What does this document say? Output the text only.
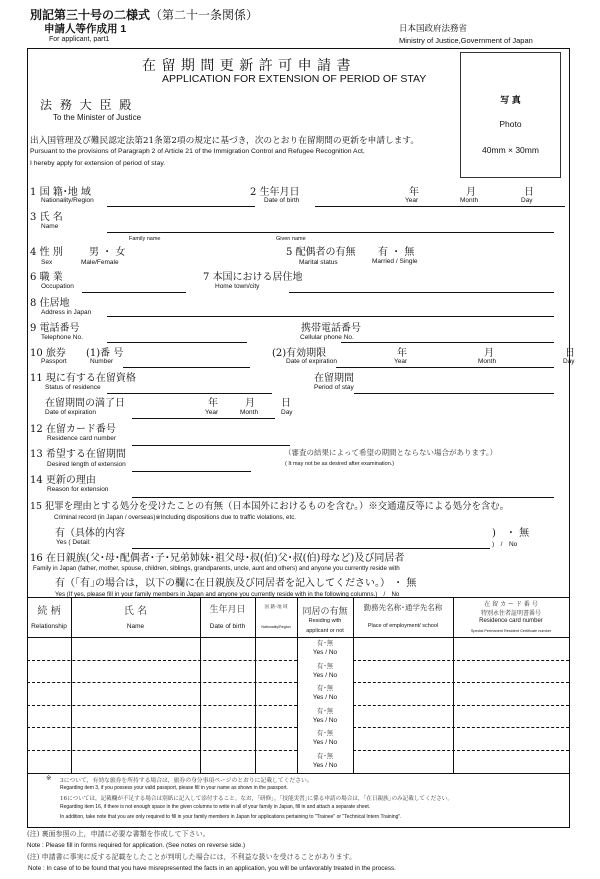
別記第三十号の二様式（第二十一条関係）
申請人等作成用 1
For applicant, part1
日本国政府法務省
Ministry of Justice,Government of Japan
在 留 期 間 更 新 許 可 申 請 書
APPLICATION FOR EXTENSION OF PERIOD OF STAY
法 務 大 臣 殿
To the Minister of Justice
出入国管理及び難民認定法第21条第2項の規定に基づき，次のとおり在留期間の更新を申請します。
Pursuant to the provisions of Paragraph 2 of Article 21 of the Immigration Control and Refugee Recognition Act,
I hereby apply for extension of period of stay.
写 真
Photo
40mm × 30mm
1 国 籍･地 域
Nationality/Region
2 生年月日
Date of birth
年
Year
月
Month
日
Day
3 氏 名
Name
Family name	Given name
4 性 別
Sex
男 ・ 女
Male/Female
5 配偶者の有無
Marital status
有 ・ 無
Married / Single
6 職 業
Occupation
7 本国における居住地
Home town/city
8 住居地
Address in Japan
9 電話番号
Telephone No.
携帯電話番号
Cellular phone No.
10 旅券
Passport
(1)番 号
Number
(2)有効期限
Date of expiration
年
Year
月
Month
日
Day
11 現に有する在留資格
Status of residence
在留期間
Period of stay
在留期間の満了日
Date of expiration
年
Year
月
Month
日
Day
12 在留カード番号
Residence card number
13 希望する在留期間
Desired length of extension
（審査の結果によって希望の期間とならない場合があります。）
( It may not be as desired after examination.)
14 更新の理由
Reason for extension
15 犯罪を理由とする処分を受けたことの有無（日本国外におけるものを含む。）※交通違反等による処分を含む。
Criminal record (in Japan / overseas)※Including dispositions due to traffic violations, etc.
有（具体的内容
Yes ( Detail:
)　・ 無
)　/　No
16 在日親族(父･母･配偶者･子･兄弟姉妹･祖父母･叔(伯)父･叔(伯)母など)及び同居者
Family in Japan (father, mother, spouse, children, siblings, grandparents, uncle, aunt and others) and anyone you currently reside with
有（｢有｣の場合は，以下の欄に在日親族及び同居者を記入してください。） ・ 無
Yes (If yes, please fill in your family members in Japan and anyone you currently reside with in the following columns.)　/　No
続 柄
Relationship
氏 名
Name
生年月日
Date of birth
国 籍･地 域
Nationality/Region
同居の有無
Residing with
applicant or not
勤務先名称･通学先名称
Place of employment/ school
在 留 カ ー ド 番 号
特別永住者証明書番号
Residence card number
Special Permanent Resident Certificate number
有･無
Yes / No
有･無
Yes / No
有･無
Yes / No
有･無
Yes / No
有･無
Yes / No
有･無
Yes / No
※ 3について，有効な旅券を所持する場合は，旅券の身分事項ページのとおりに記載してください。
Regarding item 3, if you possess your valid passport, please fill in your name as shown in the passport.
16については，記載欄が不足する場合は別紙に記入して添付すること。なお，｢研修｣，｢技能実習｣に係る申請の場合は，｢在日親族｣のみ記載してください。
Regarding item 16, if there is not enough space in the given columns to write in all of your family in Japan, fill in and attach a separate sheet.
In addition, take note that you are only required to fill in your family members in Japan for applications pertaining to "Trainee" or "Technical Intern Training".
(注) 裏面参照の上，申請に必要な書類を作成して下さい。
Note : Please fill in forms required for application. (See notes on reverse side.)
(注) 申請書に事実に反する記載をしたことが判明した場合には，不利益な扱いを受けることがあります。
Note : In case of to be found that you have misrepresented the facts in an application, you will be unfavorably treated in the process.
